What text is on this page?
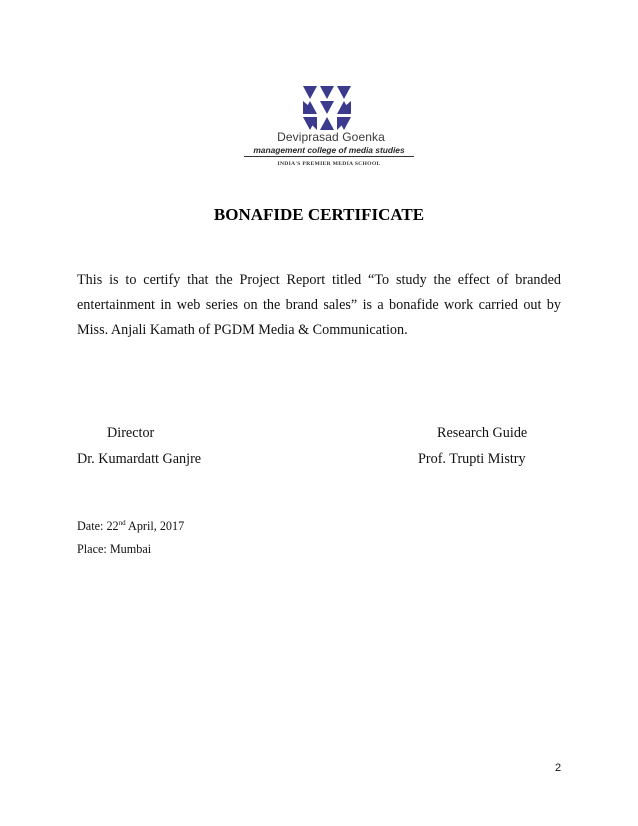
Deviprasad Goenka
management college of media studies
INDIA'S PREMIER MEDIA SCHOOL
BONAFIDE CERTIFICATE
This is to certify that the Project Report titled “To study the effect of branded entertainment in web series on the brand sales” is a bonafide work carried out by Miss. Anjali Kamath of PGDM Media & Communication.
Director
Dr. Kumardatt Ganjre
Research Guide
Prof. Trupti Mistry
Date: 22nd April, 2017
Place: Mumbai
2
